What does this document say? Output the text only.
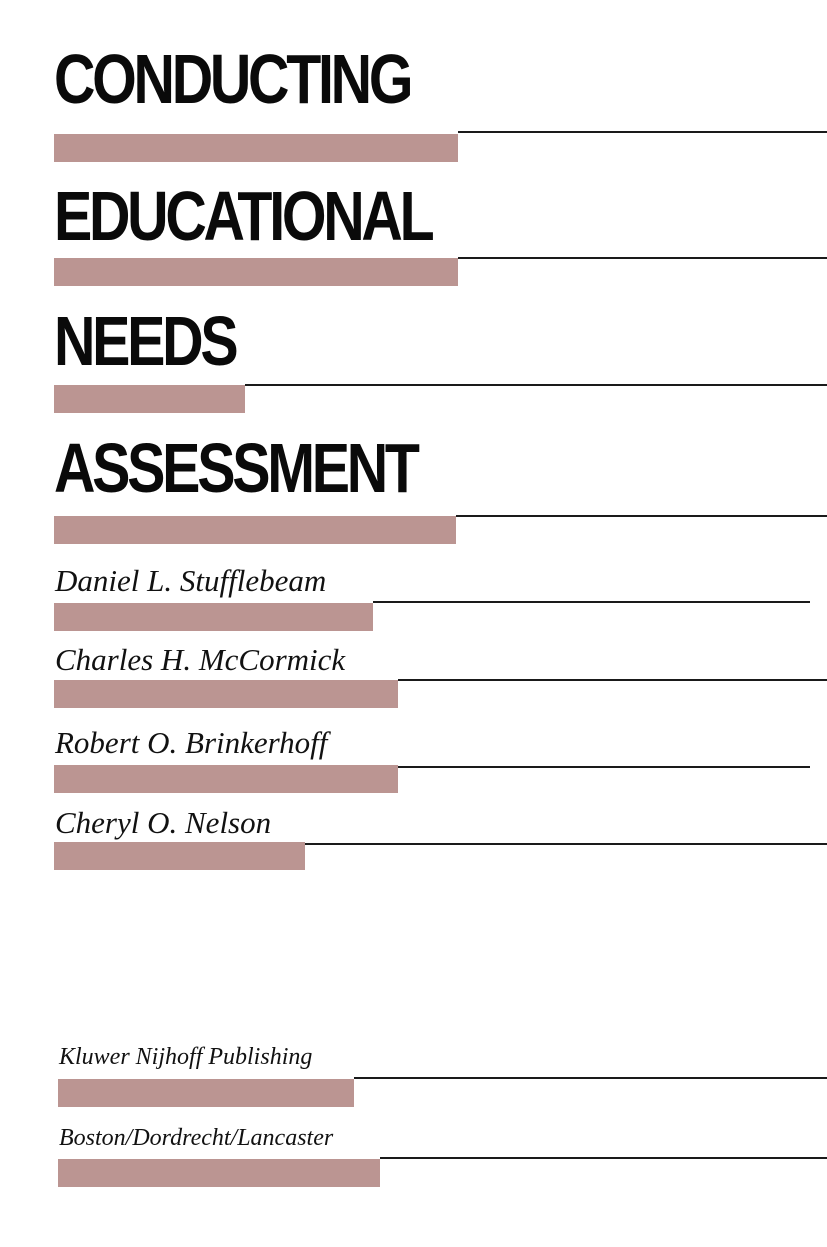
CONDUCTING
EDUCATIONAL
NEEDS
ASSESSMENT
Daniel L. Stufflebeam
Charles H. McCormick
Robert O. Brinkerhoff
Cheryl O. Nelson
Kluwer Nijhoff Publishing
Boston/Dordrecht/Lancaster
